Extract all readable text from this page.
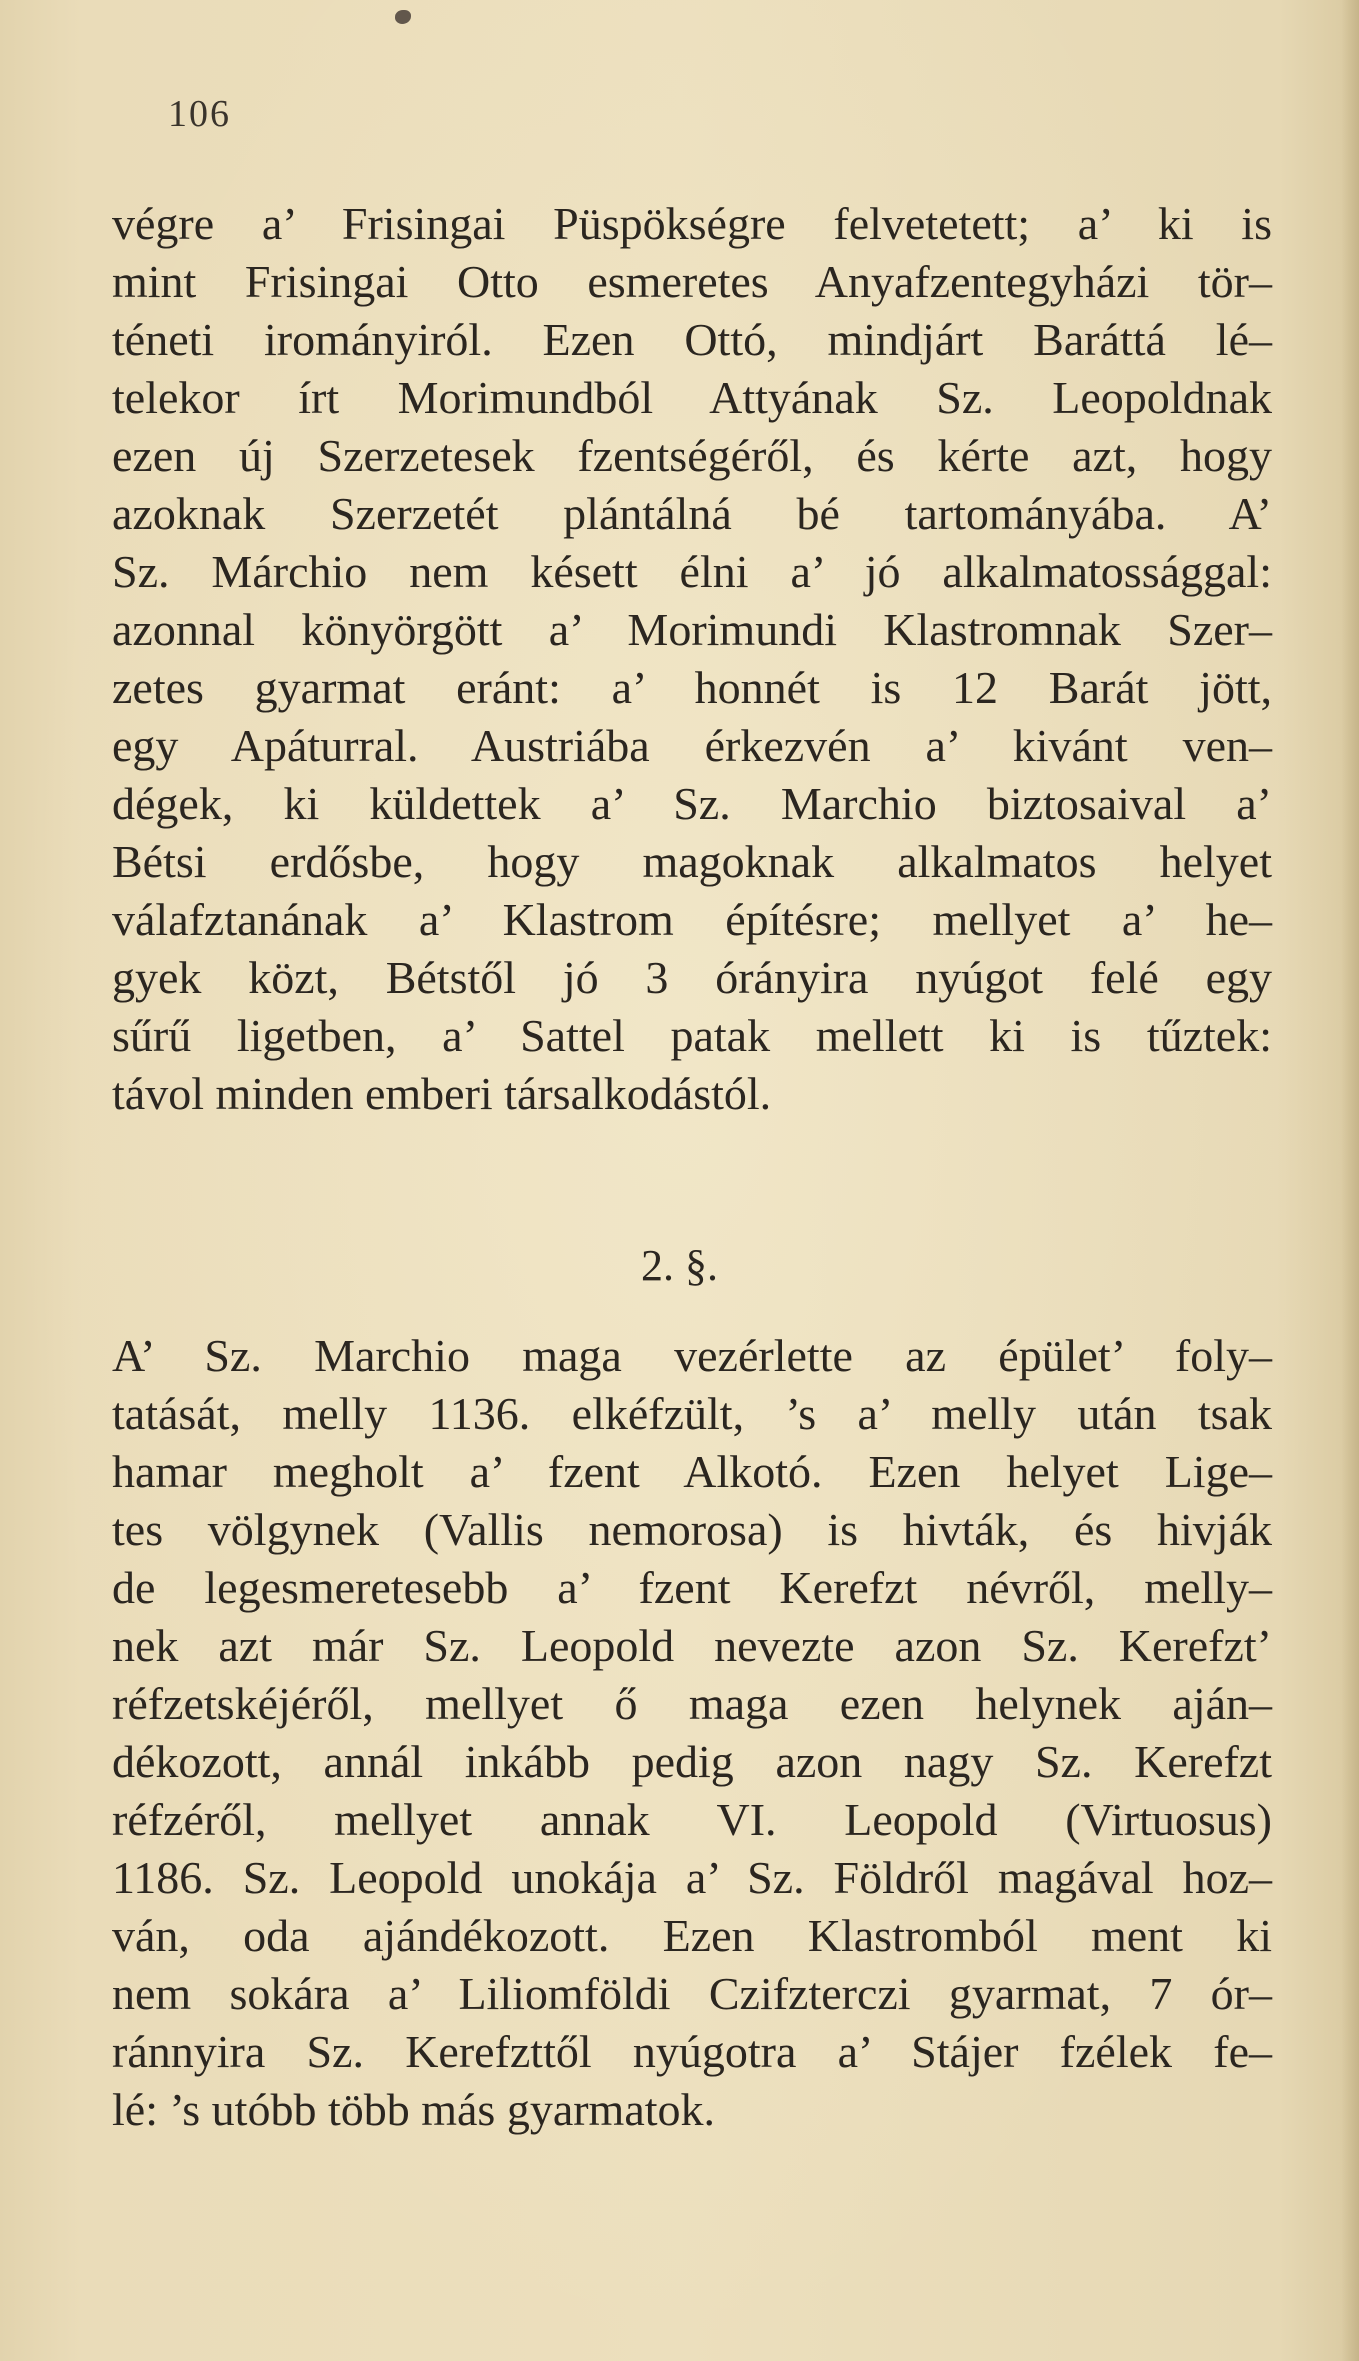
106
végre a’ Frisingai Püspökségre felvetetett; a’ ki is
mint Frisingai Otto esmeretes Anyafzentegyházi tör–
téneti irományiról. Ezen Ottó, mindjárt Baráttá lé–
telekor írt Morimundból Attyának Sz. Leopoldnak
ezen új Szerzetesek fzentségéről, és kérte azt, hogy
azoknak Szerzetét plántálná bé tartományába. A’
Sz. Márchio nem késett élni a’ jó alkalmatossággal:
azonnal könyörgött a’ Morimundi Klastromnak Szer–
zetes gyarmat eránt: a’ honnét is 12 Barát jött,
egy Apáturral. Austriába érkezvén a’ kivánt ven–
dégek, ki küldettek a’ Sz. Marchio biztosaival a’
Bétsi erdősbe, hogy magoknak alkalmatos helyet
válafztanának a’ Klastrom építésre; mellyet a’ he–
gyek közt, Bétstől jó 3 órányira nyúgot felé egy
sűrű ligetben, a’ Sattel patak mellett ki is tűztek:
távol minden emberi társalkodástól.
2. §.
A’ Sz. Marchio maga vezérlette az épület’ foly–
tatását, melly 1136. elkéfzült, ’s a’ melly után tsak
hamar megholt a’ fzent Alkotó. Ezen helyet Lige–
tes völgynek (Vallis nemorosa) is hivták, és hivják
de legesmeretesebb a’ fzent Kerefzt névről, melly–
nek azt már Sz. Leopold nevezte azon Sz. Kerefzt’
réfzetskéjéről, mellyet ő maga ezen helynek aján–
dékozott, annál inkább pedig azon nagy Sz. Kerefzt
réfzéről, mellyet annak VI. Leopold (Virtuosus)
1186. Sz. Leopold unokája a’ Sz. Földről magával hoz–
ván, oda ajándékozott. Ezen Klastromból ment ki
nem sokára a’ Liliomföldi Czifzterczi gyarmat, 7 ór–
ránnyira Sz. Kerefzttől nyúgotra a’ Stájer fzélek fe–
lé: ’s utóbb több más gyarmatok.
